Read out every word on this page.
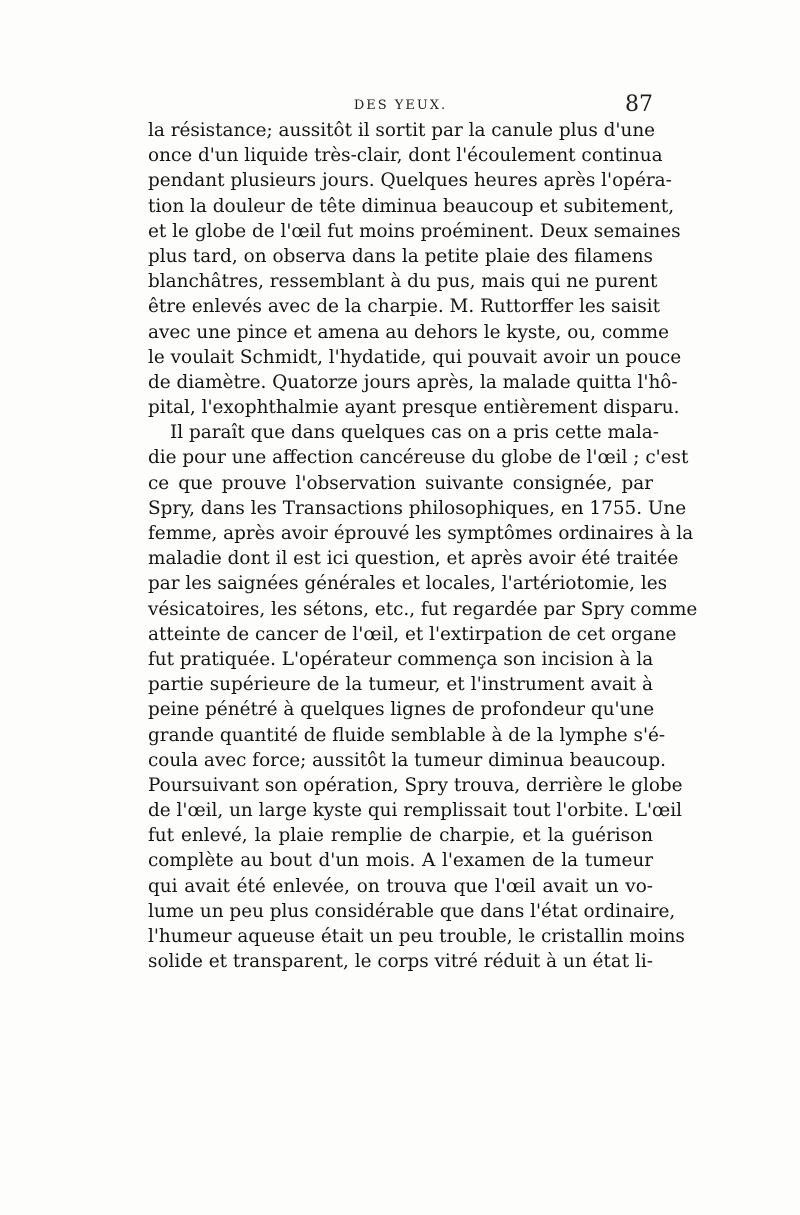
DES YEUX.	87
la résistance; aussitôt il sortit par la canule plus d'une
once d'un liquide très-clair, dont l'écoulement continua
pendant plusieurs jours. Quelques heures après l'opéra-
tion la douleur de tête diminua beaucoup et subitement,
et le globe de l'œil fut moins proéminent. Deux semaines
plus tard, on observa dans la petite plaie des filamens
blanchâtres, ressemblant à du pus, mais qui ne purent
être enlevés avec de la charpie. M. Ruttorffer les saisit
avec une pince et amena au dehors le kyste, ou, comme
le voulait Schmidt, l'hydatide, qui pouvait avoir un pouce
de diamètre. Quatorze jours après, la malade quitta l'hô-
pital, l'exophthalmie ayant presque entièrement disparu.
Il paraît que dans quelques cas on a pris cette mala-
die pour une affection cancéreuse du globe de l'œil ; c'est
ce que prouve l'observation suivante consignée, par
Spry, dans les Transactions philosophiques, en 1755. Une
femme, après avoir éprouvé les symptômes ordinaires à la
maladie dont il est ici question, et après avoir été traitée
par les saignées générales et locales, l'artériotomie, les
vésicatoires, les sétons, etc., fut regardée par Spry comme
atteinte de cancer de l'œil, et l'extirpation de cet organe
fut pratiquée. L'opérateur commença son incision à la
partie supérieure de la tumeur, et l'instrument avait à
peine pénétré à quelques lignes de profondeur qu'une
grande quantité de fluide semblable à de la lymphe s'é-
coula avec force; aussitôt la tumeur diminua beaucoup.
Poursuivant son opération, Spry trouva, derrière le globe
de l'œil, un large kyste qui remplissait tout l'orbite. L'œil
fut enlevé, la plaie remplie de charpie, et la guérison
complète au bout d'un mois. A l'examen de la tumeur
qui avait été enlevée, on trouva que l'œil avait un vo-
lume un peu plus considérable que dans l'état ordinaire,
l'humeur aqueuse était un peu trouble, le cristallin moins
solide et transparent, le corps vitré réduit à un état li-
